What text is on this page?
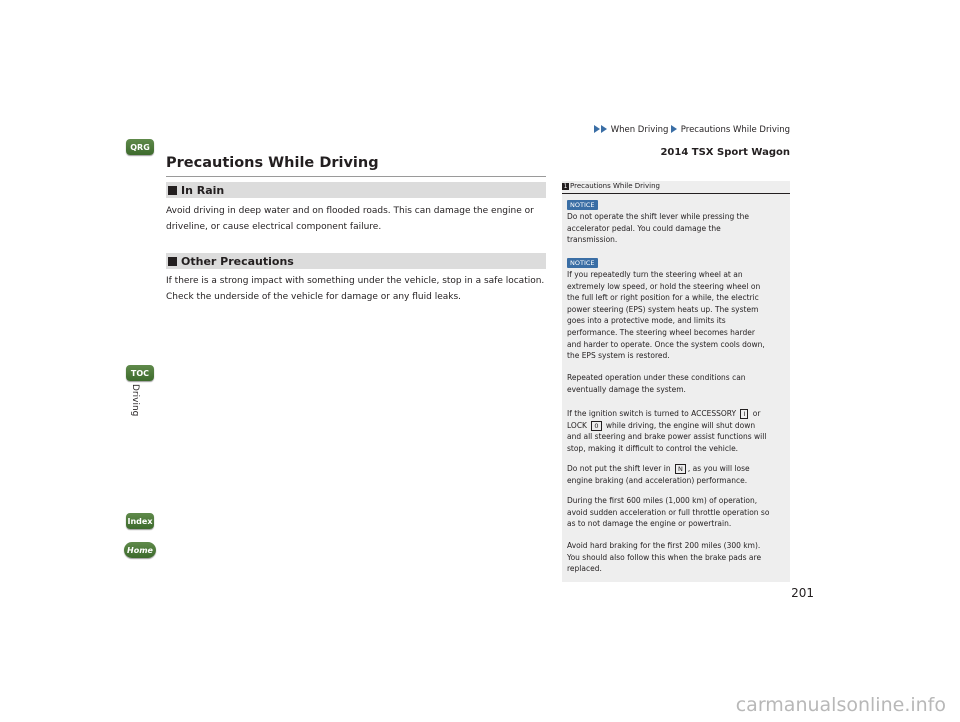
QRG
TOC
Driving
Index
Home
When Driving Precautions While Driving
2014 TSX Sport Wagon
Precautions While Driving
In Rain
Avoid driving in deep water and on flooded roads. This can damage the engine or
driveline, or cause electrical component failure.
Other Precautions
If there is a strong impact with something under the vehicle, stop in a safe location.
Check the underside of the vehicle for damage or any fluid leaks.
1 Precautions While Driving
NOTICE
Do not operate the shift lever while pressing the
accelerator pedal. You could damage the
transmission.
NOTICE
If you repeatedly turn the steering wheel at an
extremely low speed, or hold the steering wheel on
the full left or right position for a while, the electric
power steering (EPS) system heats up. The system
goes into a protective mode, and limits its
performance. The steering wheel becomes harder
and harder to operate. Once the system cools down,
the EPS system is restored.
Repeated operation under these conditions can
eventually damage the system.
If the ignition switch is turned to ACCESSORY I or
LOCK 0 while driving, the engine will shut down
and all steering and brake power assist functions will
stop, making it difficult to control the vehicle.
Do not put the shift lever in N , as you will lose
engine braking (and acceleration) performance.
During the first 600 miles (1,000 km) of operation,
avoid sudden acceleration or full throttle operation so
as to not damage the engine or powertrain.
Avoid hard braking for the first 200 miles (300 km).
You should also follow this when the brake pads are
replaced.
201
carmanualsonline.info
